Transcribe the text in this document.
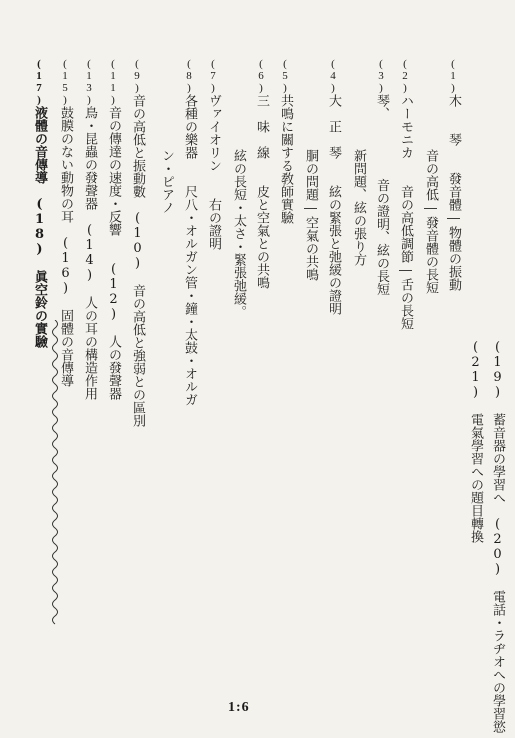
(1)木　　琴　　發音體―物體の振動
　　　　　　　音の高低―發音體の長短
(2)ハーモニカ　　音の高低調節―舌の長短
(3)琴、　　　　　音の證明、絃の長短
　　　　　　　新問題、絃の張り方
(4)大　正　琴　　絃の緊張と弛緩の證明
　　　　　　　胴の問題―空氣の共鳴
(5)共鳴に關する敎師實驗
(6)三　味　線　　皮と空氣との共鳴
　　　　　　　絃の長短・太さ・緊張弛緩。
(7)ヴァイオリン　　右の證明
(8)各種の樂器　　尺八・オルガン管・鐘・太鼓・オルガ
　　　　　　　ン・ピアノ
(9)音の高低と振動數　(10)　音の高低と強弱との區別
(11)音の傳達の速度・反響　　(12)　人の發聲器
(13)鳥・昆蟲の發聲器　(14)　人の耳の構造作用
(15)鼓膜のない動物の耳　(16)　固體の音傳導
(17)液體の音傳導　(18)　眞空鈴の實驗
(19)　蓄音器の學習へ　(20)　電話・ラヂオへの學習慾
(21)　電氣學習への題目轉換
1:6
